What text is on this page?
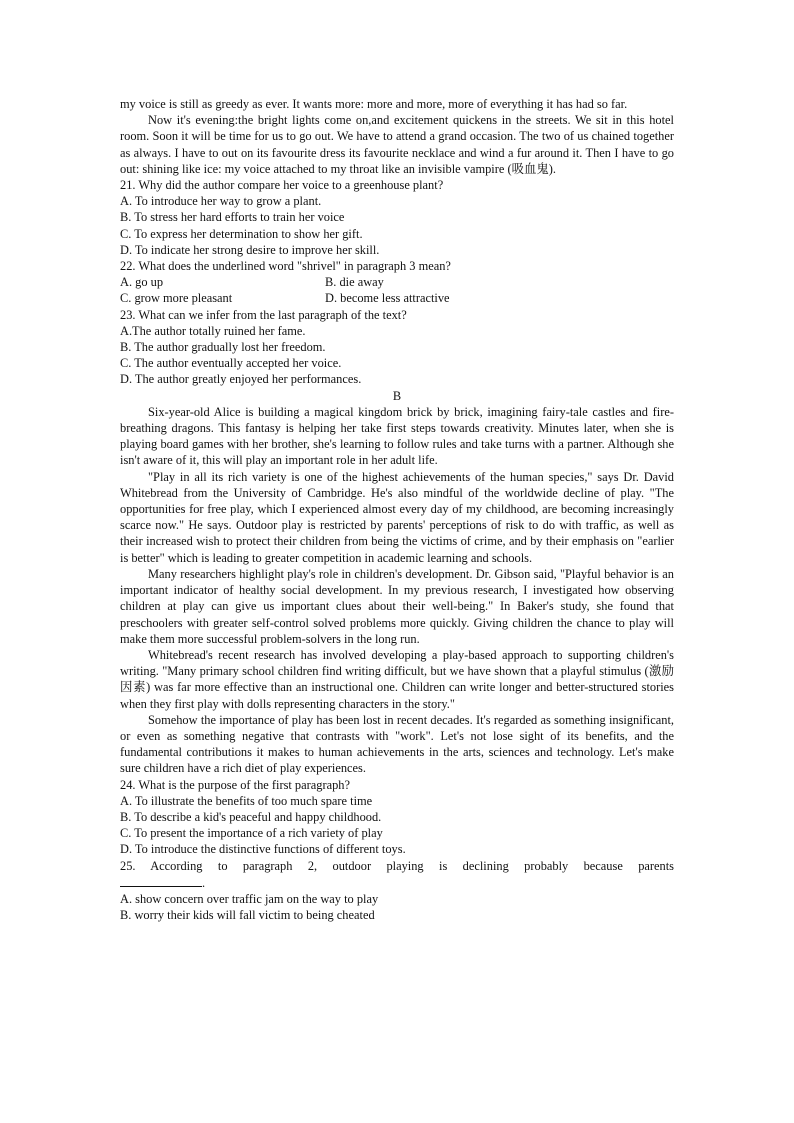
my voice is still as greedy as ever. It wants more: more and more, more of everything it has had so far.

Now it's evening:the bright lights come on,and excitement quickens in the streets. We sit in this hotel room. Soon it will be time for us to go out. We have to attend a grand occasion. The two of us chained together as always. I have to out on its favourite dress its favourite necklace and wind a fur around it. Then I have to go out: shining like ice: my voice attached to my throat like an invisible vampire (吸血鬼).

21. Why did the author compare her voice to a greenhouse plant?

A. To introduce her way to grow a plant.

B. To stress her hard efforts to train her voice

C. To express her determination to show her gift.

D. To indicate her strong desire to improve her skill.

22. What does the underlined word "shrivel" in paragraph 3 mean?

A. go up	B. die away
C. grow more pleasant	D. become less attractive

23. What can we infer from the last paragraph of the text?

A.The author totally ruined her fame.

B. The author gradually lost her freedom.

C. The author eventually accepted her voice.

D. The author greatly enjoyed her performances.

B

Six-year-old Alice is building a magical kingdom brick by brick, imagining fairy-tale castles and fire-breathing dragons. This fantasy is helping her take first steps towards creativity. Minutes later, when she is playing board games with her brother, she's learning to follow rules and take turns with a partner. Although she isn't aware of it, this will play an important role in her adult life.

"Play in all its rich variety is one of the highest achievements of the human species," says Dr. David Whitebread from the University of Cambridge. He's also mindful of the worldwide decline of play. "The opportunities for free play, which I experienced almost every day of my childhood, are becoming increasingly scarce now." He says. Outdoor play is restricted by parents' perceptions of risk to do with traffic, as well as their increased wish to protect their children from being the victims of crime, and by their emphasis on "earlier is better" which is leading to greater competition in academic learning and schools.

Many researchers highlight play's role in children's development. Dr. Gibson said, "Playful behavior is an important indicator of healthy social development. In my previous research, I investigated how observing children at play can give us important clues about their well-being." In Baker's study, she found that preschoolers with greater self-control solved problems more quickly. Giving children the chance to play will make them more successful problem-solvers in the long run.

Whitebread's recent research has involved developing a play-based approach to supporting children's writing. "Many primary school children find writing difficult, but we have shown that a playful stimulus (激励因素) was far more effective than an instructional one. Children can write longer and better-structured stories when they first play with dolls representing characters in the story."

Somehow the importance of play has been lost in recent decades. It's regarded as something insignificant, or even as something negative that contrasts with "work". Let's not lose sight of its benefits, and the fundamental contributions it makes to human achievements in the arts, sciences and technology. Let's make sure children have a rich diet of play experiences.

24. What is the purpose of the first paragraph?

A. To illustrate the benefits of too much spare time

B. To describe a kid's peaceful and happy childhood.

C. To present the importance of a rich variety of play

D. To introduce the distinctive functions of different toys.

25. According to paragraph 2, outdoor playing is declining probably because parents

.

A. show concern over traffic jam on the way to play

B. worry their kids will fall victim to being cheated
